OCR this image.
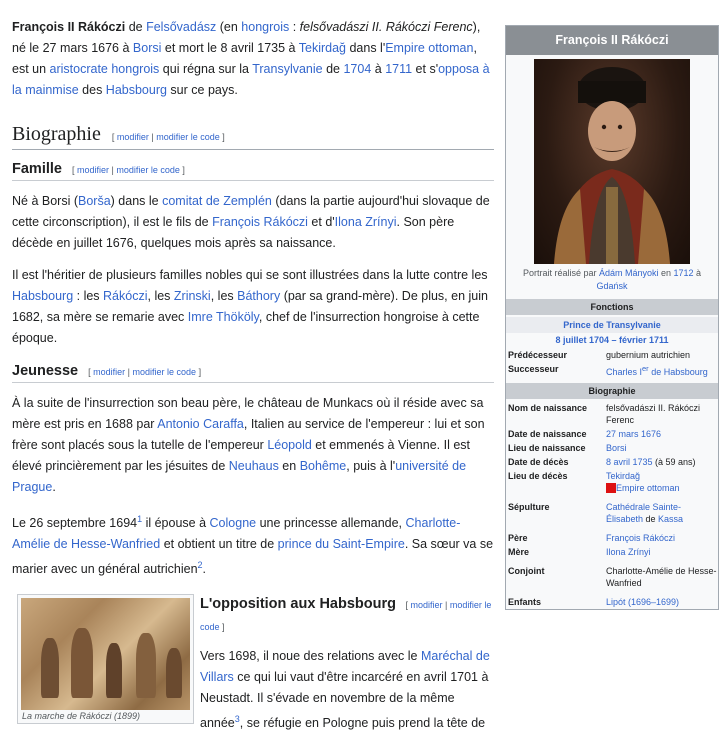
François II Rákóczi de Felsővadász (en hongrois : felsővadászi II. Rákóczi Ferenc), né le 27 mars 1676 à Borsi et mort le 8 avril 1735 à Tekirdağ dans l'Empire ottoman, est un aristocrate hongrois qui régna sur la Transylvanie de 1704 à 1711 et s'opposa à la mainmise des Habsbourg sur ce pays.

Biographie [ modifier | modifier le code ]
Famille [ modifier | modifier le code ]

Né à Borsi (Borša) dans le comitat de Zemplén (dans la partie aujourd'hui slovaque de cette circonscription), il est le fils de François Rákóczi et d'Ilona Zrínyi. Son père décède en juillet 1676, quelques mois après sa naissance.

Il est l'héritier de plusieurs familles nobles qui se sont illustrées dans la lutte contre les Habsbourg : les Rákóczi, les Zrinski, les Báthory (par sa grand-mère). De plus, en juin 1682, sa mère se remarie avec Imre Thököly, chef de l'insurrection hongroise à cette époque.

Jeunesse [ modifier | modifier le code ]

À la suite de l'insurrection son beau père, le château de Munkacs où il réside avec sa mère est pris en 1688 par Antonio Caraffa, Italien au service de l'empereur : lui et son frère sont placés sous la tutelle de l'empereur Léopold et emmenés à Vienne. Il est élevé princièrement par les jésuites de Neuhaus en Bohême, puis à l'université de Prague.

Le 26 septembre 1694$^1$ il épouse à Cologne une princesse allemande, Charlotte-Amélie de Hesse-Wanfried et obtient un titre de prince du Saint-Empire. Sa sœur va se marier avec un général autrichien$^2$.

La marche de Rákóczi (1899)
L'opposition aux Habsbourg [ modifier | modifier le code ]

Vers 1698, il noue des relations avec le Maréchal de Villars ce qui lui vaut d'être incarcéré en avril 1701 à Neustadt. Il s'évade en novembre de la même année$^3$, se réfugie en Pologne puis prend la tête de

François II Rákóczi
Portrait réalisé par Ádám Mányoki en 1712 à Gdańsk
Fonctions
Prince de Transylvanie
8 juillet 1704 – février 1711
Prédécesseur	gubernium autrichien
Successeur	Charles Ier de Habsbourg
Biographie
Nom de naissance	felsővadászi II. Rákóczi Ferenc
Date de naissance	27 mars 1676
Lieu de naissance	Borsi
Date de décès	8 avril 1735 (à 59 ans)
Lieu de décès	Tekirdağ
Empire ottoman
Sépulture	Cathédrale Sainte-Élisabeth de Kassa
Père	François Rákóczi
Mère	Ilona Zrínyi
Conjoint	Charlotte-Amélie de Hesse-Wanfried
Enfants	Lipót (1696–1699)
